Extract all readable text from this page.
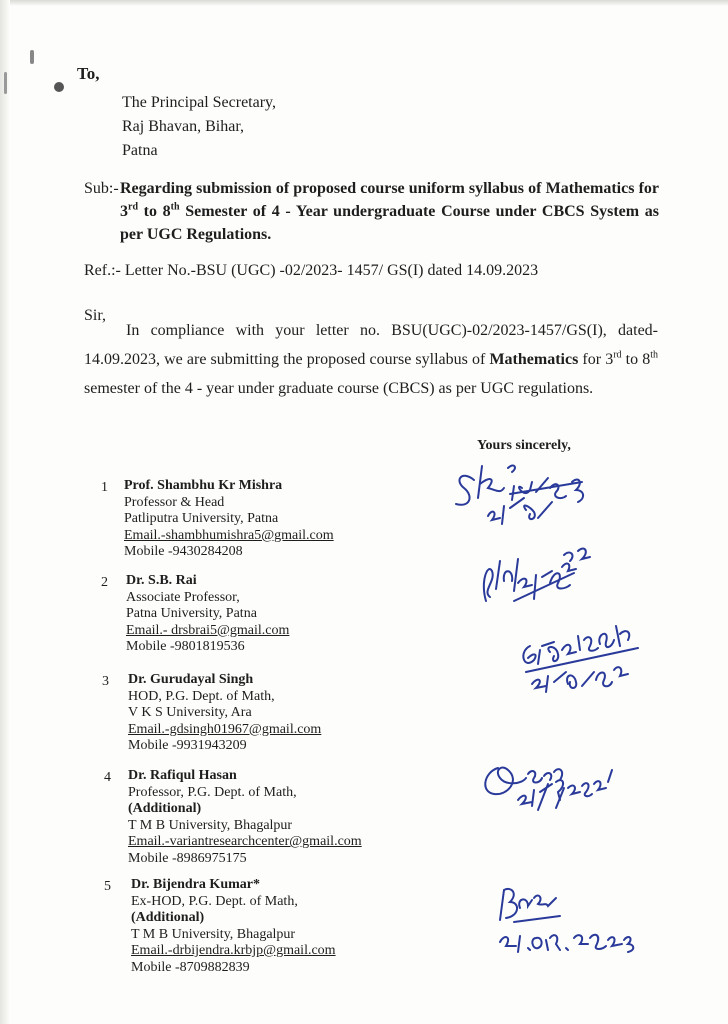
To,
The Principal Secretary,
Raj Bhavan, Bihar,
Patna
Sub:- Regarding submission of proposed course uniform syllabus of Mathematics for 3rd to 8th Semester of 4 - Year undergraduate Course under CBCS System as per UGC Regulations.
Ref.:- Letter No.-BSU (UGC) -02/2023- 1457/ GS(I) dated 14.09.2023
Sir,
In compliance with your letter no. BSU(UGC)-02/2023-1457/GS(I), dated-14.09.2023, we are submitting the proposed course syllabus of Mathematics for 3rd to 8th semester of the 4 - year under graduate course (CBCS) as per UGC regulations.
Yours sincerely,
1 Prof. Shambhu Kr Mishra
Professor & Head
Patliputra University, Patna
Email.-shambhumishra5@gmail.com
Mobile -9430284208
2 Dr. S.B. Rai
Associate Professor,
Patna University, Patna
Email.- drsbrai5@gmail.com
Mobile -9801819536
3 Dr. Gurudayal Singh
HOD, P.G. Dept. of Math,
V K S University, Ara
Email.-gdsingh01967@gmail.com
Mobile -9931943209
4 Dr. Rafiqul Hasan
Professor, P.G. Dept. of Math,
(Additional)
T M B University, Bhagalpur
Email.-variantresearchcenter@gmail.com
Mobile -8986975175
5 Dr. Bijendra Kumar*
Ex-HOD, P.G. Dept. of Math,
(Additional)
T M B University, Bhagalpur
Email.-drbijendra.krbjp@gmail.com
Mobile -8709882839
